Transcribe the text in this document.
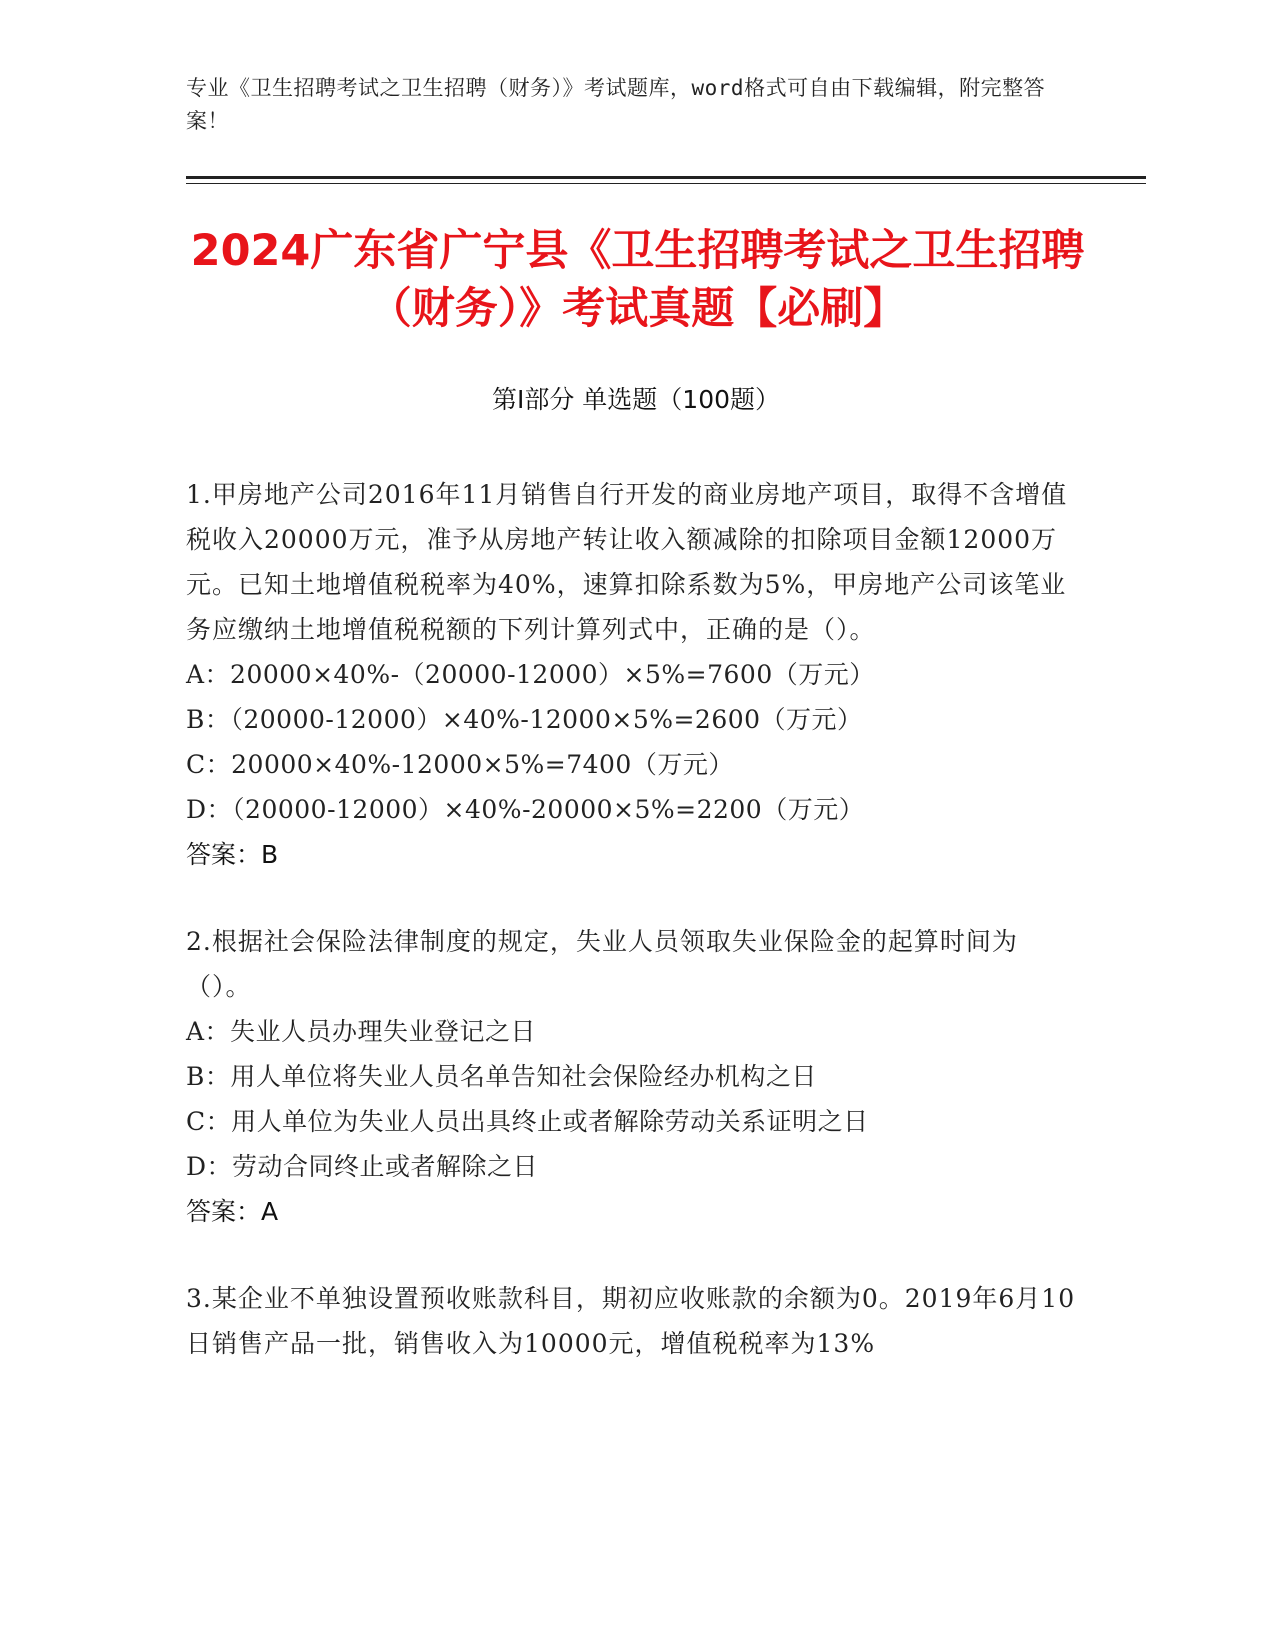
专业《卫生招聘考试之卫生招聘（财务）》考试题库，word格式可自由下载编辑，附完整答案！
2024广东省广宁县《卫生招聘考试之卫生招聘（财务）》考试真题【必刷】
第I部分 单选题（100题）

1.甲房地产公司2016年11月销售自行开发的商业房地产项目，取得不含增值税收入20000万元，准予从房地产转让收入额减除的扣除项目金额12000万元。已知土地增值税税率为40%，速算扣除系数为5%，甲房地产公司该笔业务应缴纳土地增值税税额的下列计算列式中，正确的是（）。

A：20000×40%-（20000-12000）×5%=7600（万元）

B：（20000-12000）×40%-12000×5%=2600（万元）

C：20000×40%-12000×5%=7400（万元）

D：（20000-12000）×40%-20000×5%=2200（万元）

答案：B

2.根据社会保险法律制度的规定，失业人员领取失业保险金的起算时间为（）。

A：失业人员办理失业登记之日

B：用人单位将失业人员名单告知社会保险经办机构之日

C：用人单位为失业人员出具终止或者解除劳动关系证明之日

D：劳动合同终止或者解除之日

答案：A

3.某企业不单独设置预收账款科目，期初应收账款的余额为0。2019年6月10日销售产品一批，销售收入为10000元，增值税税率为13%
